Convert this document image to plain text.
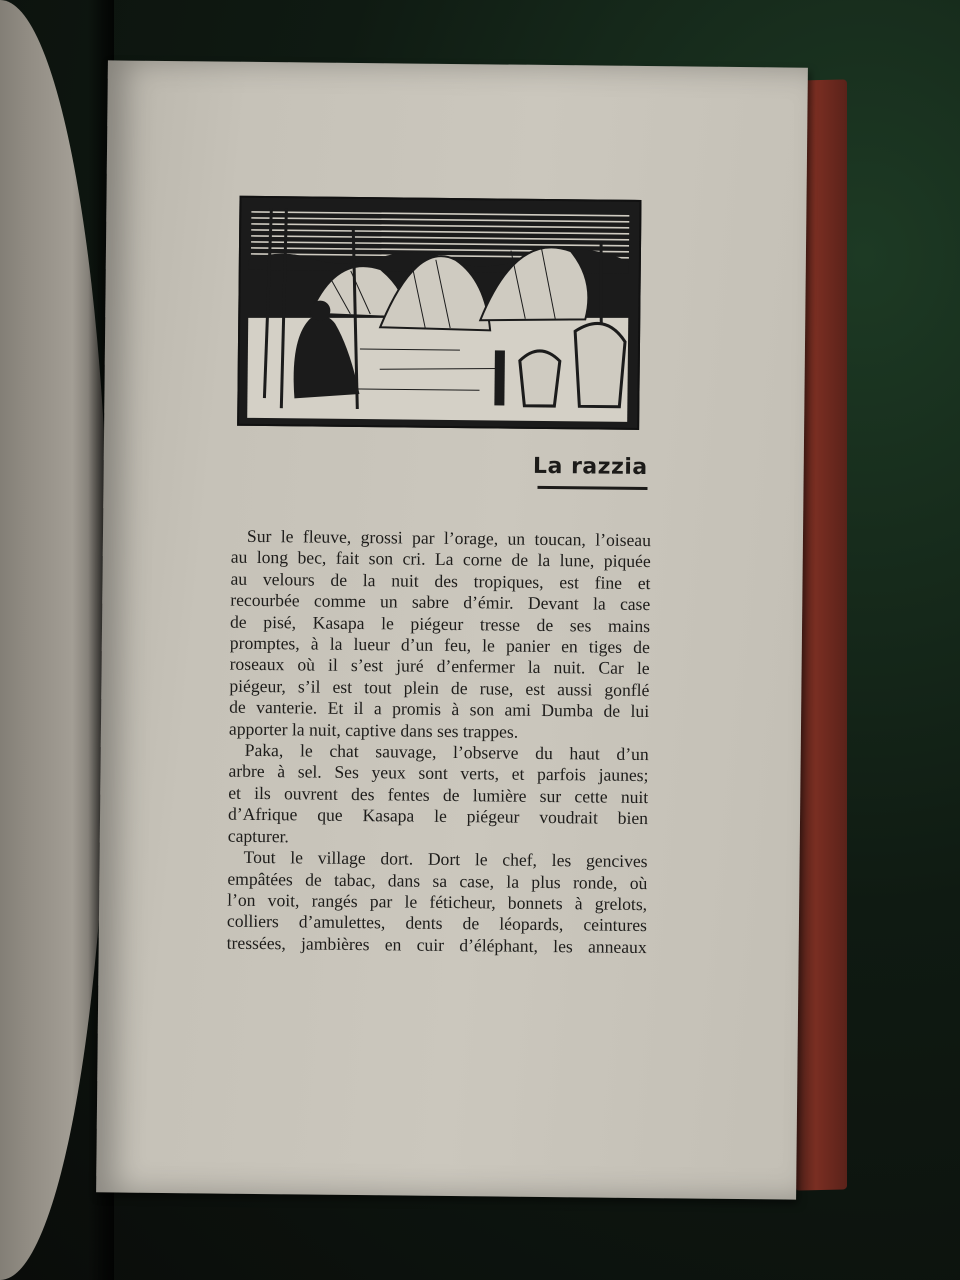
La razzia
Sur le fleuve, grossi par l’orage, un toucan, l’oiseau
au long bec, fait son cri. La corne de la lune, piquée
au velours de la nuit des tropiques, est fine et
recourbée comme un sabre d’émir. Devant la case
de pisé, Kasapa le piégeur tresse de ses mains
promptes, à la lueur d’un feu, le panier en tiges de
roseaux où il s’est juré d’enfermer la nuit. Car le
piégeur, s’il est tout plein de ruse, est aussi gonflé
de vanterie. Et il a promis à son ami Dumba de lui
apporter la nuit, captive dans ses trappes.
Paka, le chat sauvage, l’observe du haut d’un
arbre à sel. Ses yeux sont verts, et parfois jaunes;
et ils ouvrent des fentes de lumière sur cette nuit
d’Afrique que Kasapa le piégeur voudrait bien
capturer.
Tout le village dort. Dort le chef, les gencives
empâtées de tabac, dans sa case, la plus ronde, où
l’on voit, rangés par le féticheur, bonnets à grelots,
colliers d’amulettes, dents de léopards, ceintures
tressées, jambières en cuir d’éléphant, les anneaux
